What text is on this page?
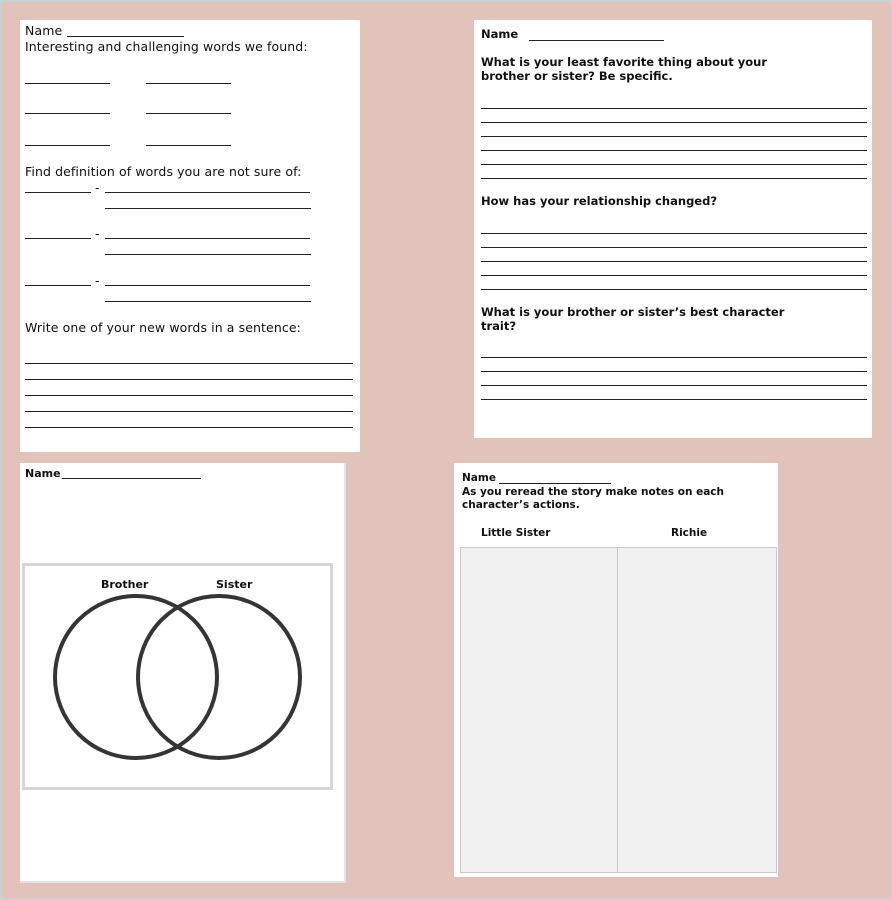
Name
Interesting and challenging words we found:
Find definition of words you are not sure of:
-
-
-
Write one of your new words in a sentence:
Name
What is your least favorite thing about your
brother or sister? Be specific.
How has your relationship changed?
What is your brother or sister’s best character
trait?
Name
Brother	Sister
Name
As you reread the story make notes on each
character’s actions.
Little Sister	Richie
